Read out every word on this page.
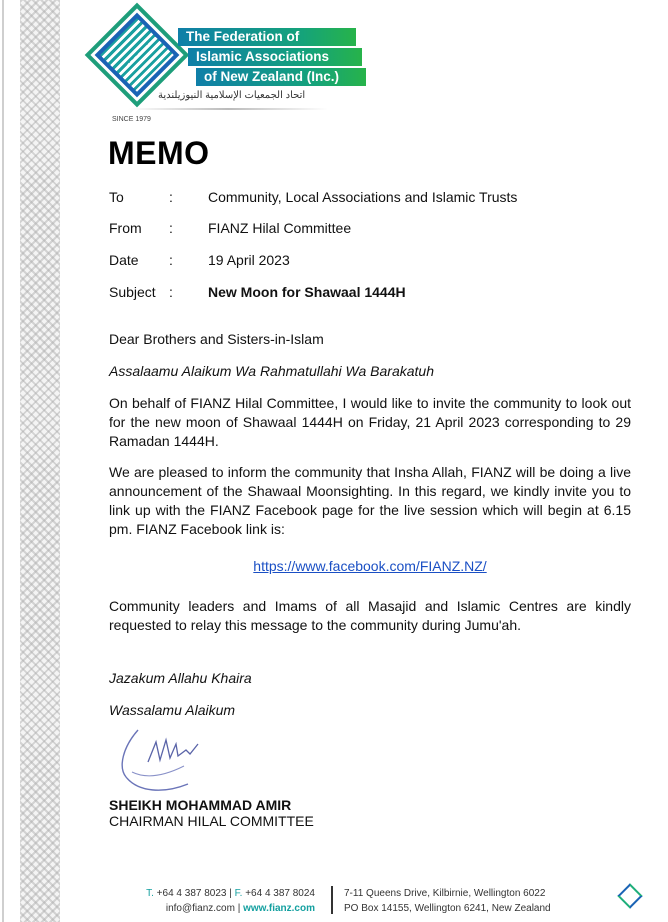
The Federation of
Islamic Associations
of New Zealand (Inc.)
اتحاد الجمعيات الإسلامية النيوزيلندية
SINCE 1979
MEMO
To	:	Community, Local Associations and Islamic Trusts
From	:	FIANZ Hilal Committee
Date	:	19 April 2023
Subject :	New Moon for Shawaal 1444H
Dear Brothers and Sisters-in-Islam
Assalaamu Alaikum Wa Rahmatullahi Wa Barakatuh
On behalf of FIANZ Hilal Committee, I would like to invite the community to look out for the new moon of Shawaal 1444H on Friday, 21 April 2023 corresponding to 29 Ramadan 1444H.
We are pleased to inform the community that Insha Allah, FIANZ will be doing a live announcement of the Shawaal Moonsighting. In this regard, we kindly invite you to link up with the FIANZ Facebook page for the live session which will begin at 6.15 pm. FIANZ Facebook link is:
https://www.facebook.com/FIANZ.NZ/
Community leaders and Imams of all Masajid and Islamic Centres are kindly requested to relay this message to the community during Jumu'ah.
Jazakum Allahu Khaira
Wassalamu Alaikum
SHEIKH MOHAMMAD AMIR
CHAIRMAN HILAL COMMITTEE
T. +64 4 387 8023 | F. +64 4 387 8024
info@fianz.com | www.fianz.com
7-11 Queens Drive, Kilbirnie, Wellington 6022
PO Box 14155, Wellington 6241, New Zealand
